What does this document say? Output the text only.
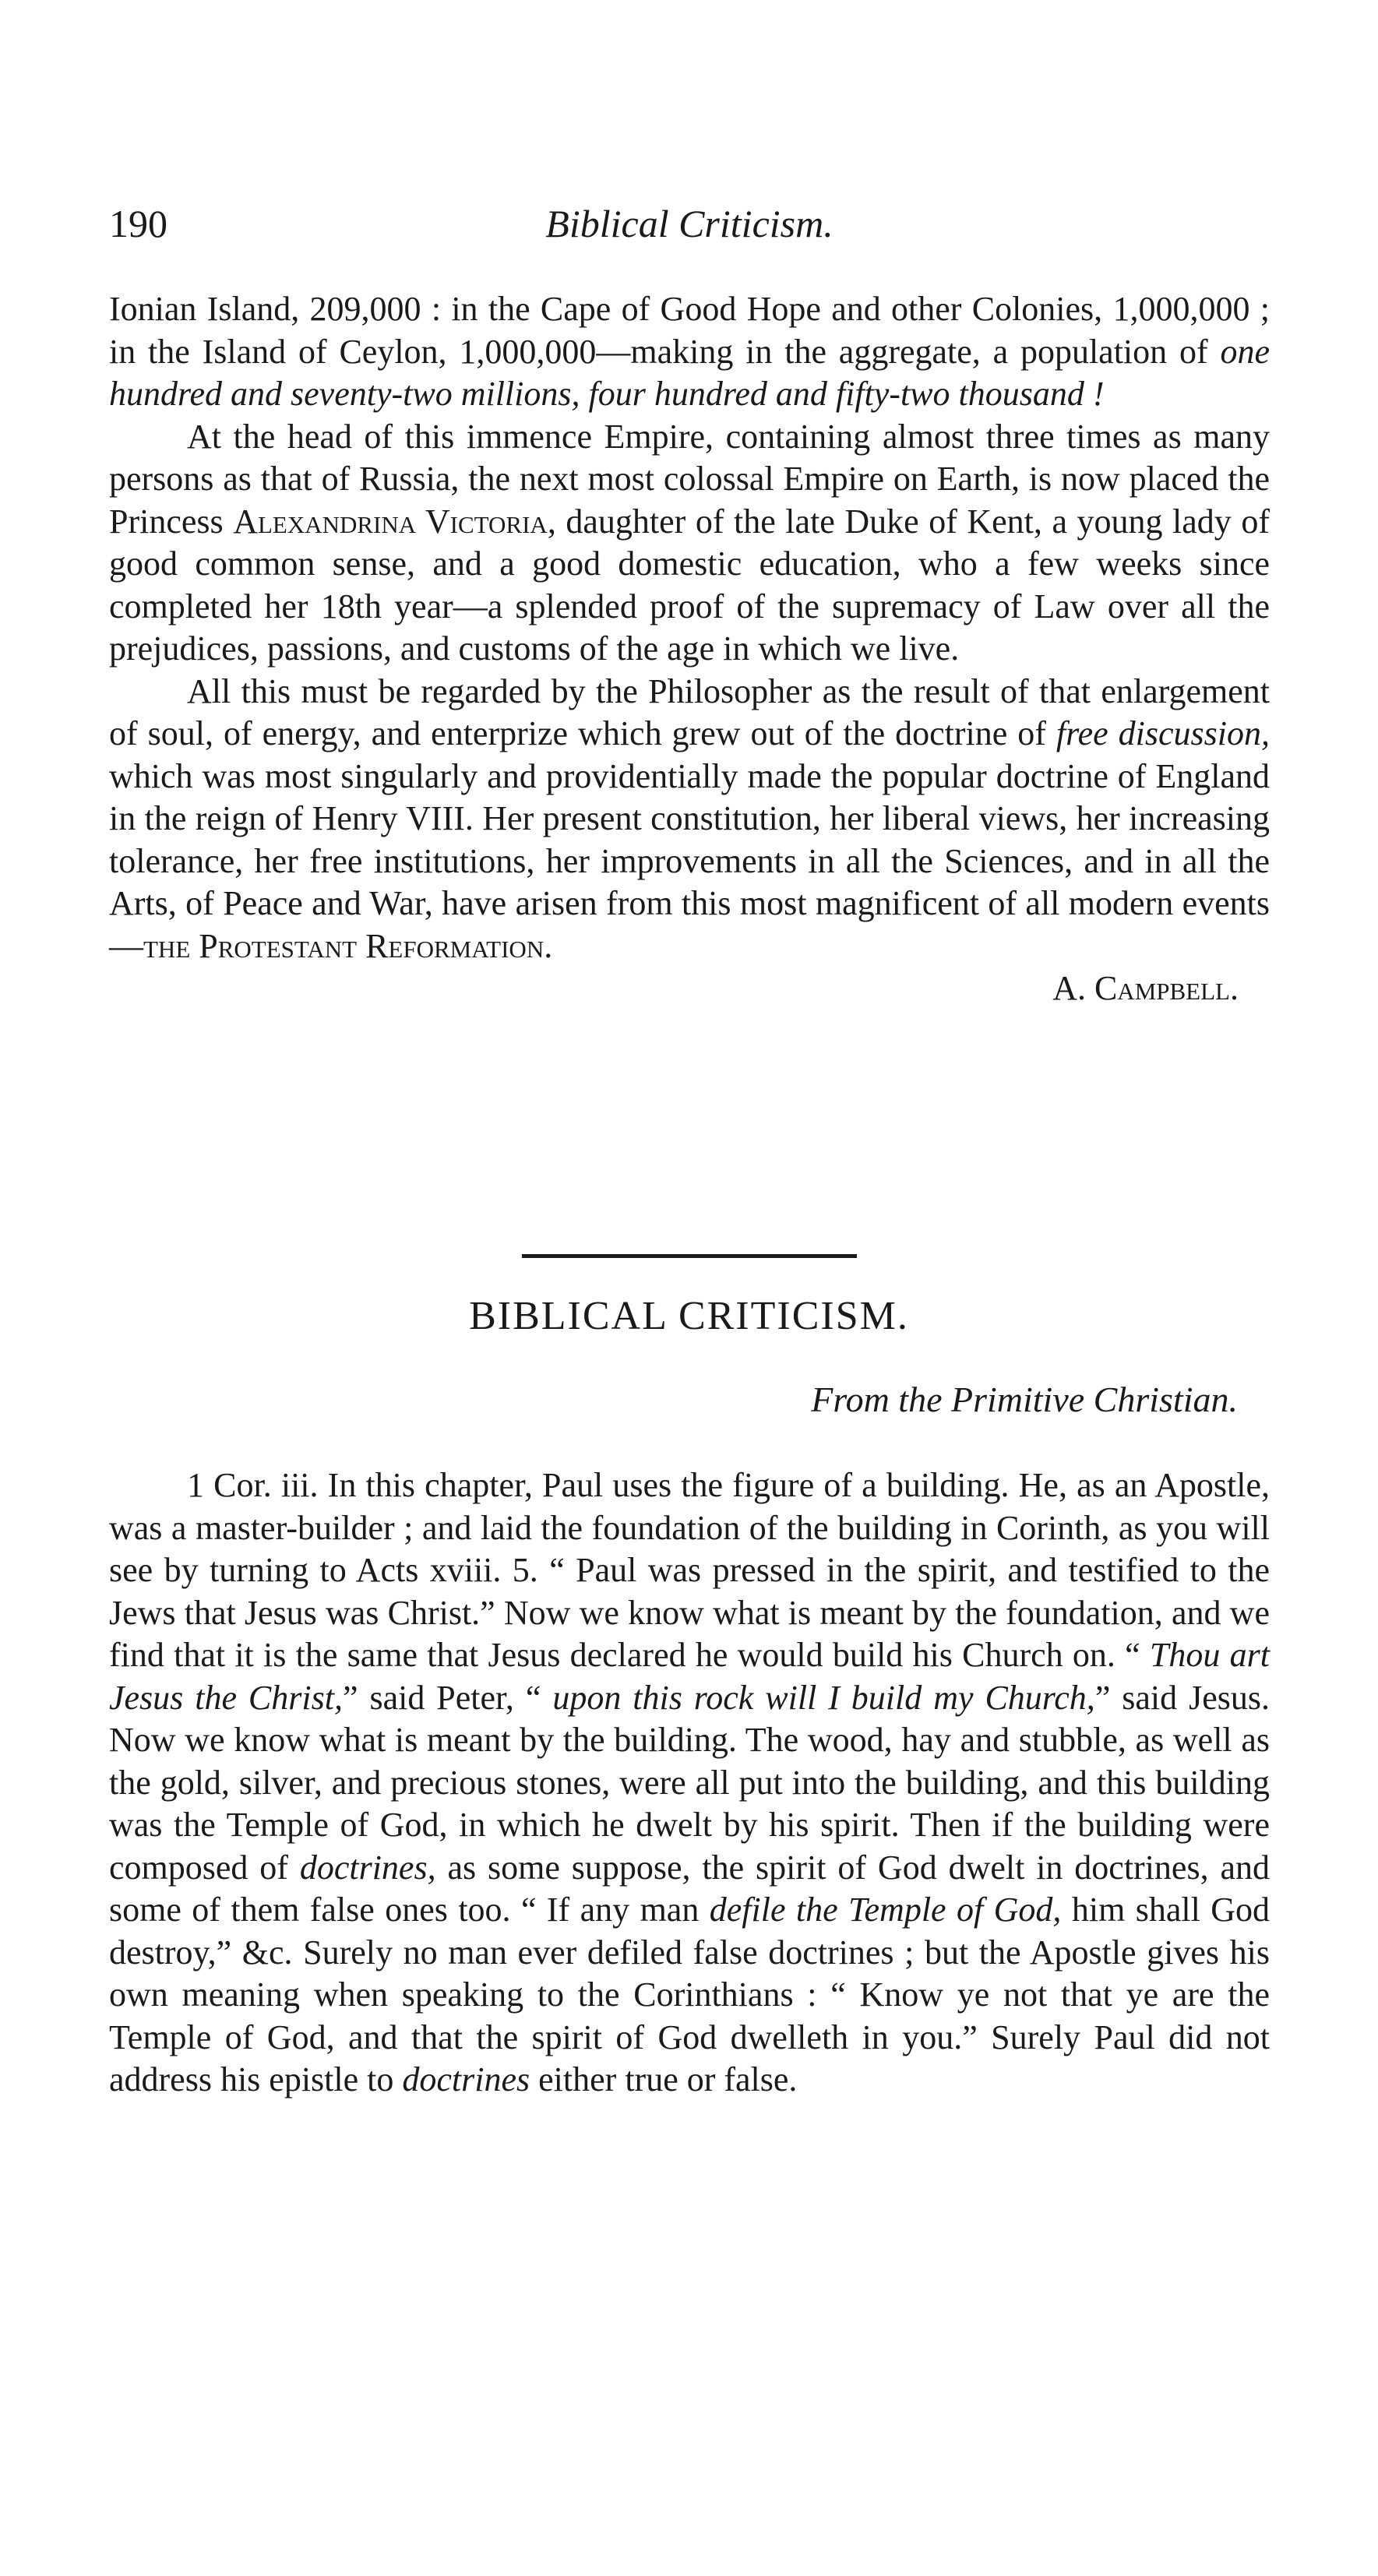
190	Biblical Criticism.

Ionian Island, 209,000 : in the Cape of Good Hope and other Colonies, 1,000,000 ; in the Island of Ceylon, 1,000,000—making in the aggregate, a population of one hundred and seventy-two millions, four hundred and fifty-two thousand !

At the head of this immence Empire, containing almost three times as many persons as that of Russia, the next most colossal Empire on Earth, is now placed the Princess Alexandrina Victoria, daughter of the late Duke of Kent, a young lady of good common sense, and a good domestic education, who a few weeks since completed her 18th year—a splended proof of the supremacy of Law over all the prejudices, passions, and customs of the age in which we live.

All this must be regarded by the Philosopher as the result of that enlargement of soul, of energy, and enterprize which grew out of the doctrine of free discussion, which was most singularly and providentially made the popular doctrine of England in the reign of Henry VIII. Her present constitution, her liberal views, her increasing tolerance, her free institutions, her improvements in all the Sciences, and in all the Arts, of Peace and War, have arisen from this most magnificent of all modern events—the Protestant Reformation.

A. Campbell.
BIBLICAL CRITICISM.
From the Primitive Christian.

1 Cor. iii. In this chapter, Paul uses the figure of a building. He, as an Apostle, was a master-builder ; and laid the foundation of the building in Corinth, as you will see by turning to Acts xviii. 5. “ Paul was pressed in the spirit, and testified to the Jews that Jesus was Christ.” Now we know what is meant by the foundation, and we find that it is the same that Jesus declared he would build his Church on. “ Thou art Jesus the Christ,” said Peter, “ upon this rock will I build my Church,” said Jesus. Now we know what is meant by the building. The wood, hay and stubble, as well as the gold, silver, and precious stones, were all put into the building, and this building was the Temple of God, in which he dwelt by his spirit. Then if the building were composed of doctrines, as some suppose, the spirit of God dwelt in doctrines, and some of them false ones too. “ If any man defile the Temple of God, him shall God destroy,” &c. Surely no man ever defiled false doctrines ; but the Apostle gives his own meaning when speaking to the Corinthians : “ Know ye not that ye are the Temple of God, and that the spirit of God dwelleth in you.” Surely Paul did not address his epistle to doctrines either true or false.
